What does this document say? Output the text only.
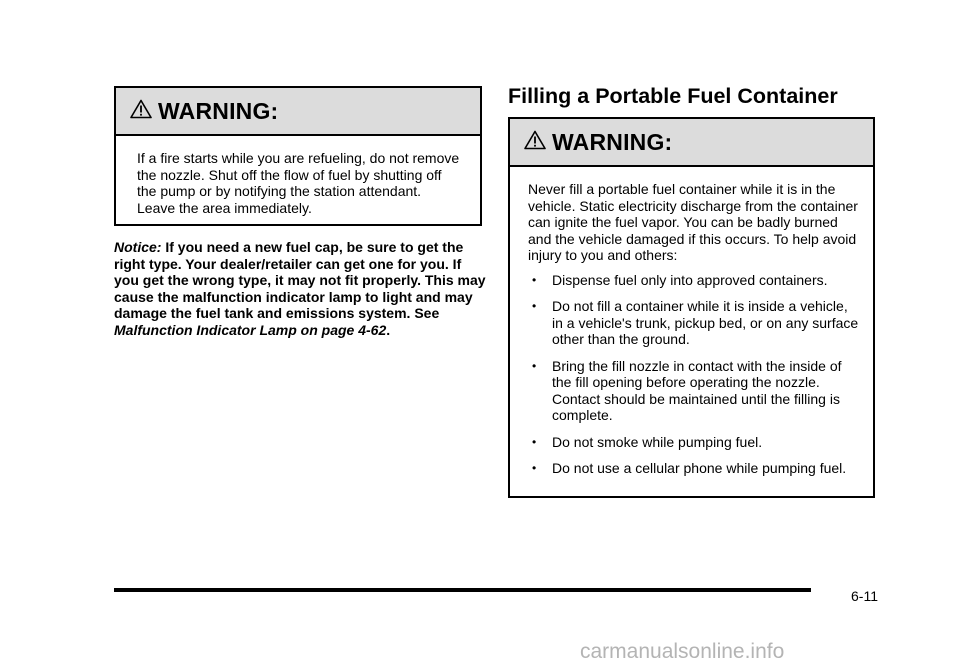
WARNING:

If a fire starts while you are refueling, do not remove the nozzle. Shut off the flow of fuel by shutting off the pump or by notifying the station attendant. Leave the area immediately.

Notice: If you need a new fuel cap, be sure to get the right type. Your dealer/retailer can get one for you. If you get the wrong type, it may not fit properly. This may cause the malfunction indicator lamp to light and may damage the fuel tank and emissions system. See Malfunction Indicator Lamp on page 4‑62.
Filling a Portable Fuel Container
WARNING:

Never fill a portable fuel container while it is in the vehicle. Static electricity discharge from the container can ignite the fuel vapor. You can be badly burned and the vehicle damaged if this occurs. To help avoid injury to you and others:

• Dispense fuel only into approved containers.
• Do not fill a container while it is inside a vehicle, in a vehicle's trunk, pickup bed, or on any surface other than the ground.
• Bring the fill nozzle in contact with the inside of the fill opening before operating the nozzle. Contact should be maintained until the filling is complete.
• Do not smoke while pumping fuel.
• Do not use a cellular phone while pumping fuel.
6-11
carmanualsonline.info
